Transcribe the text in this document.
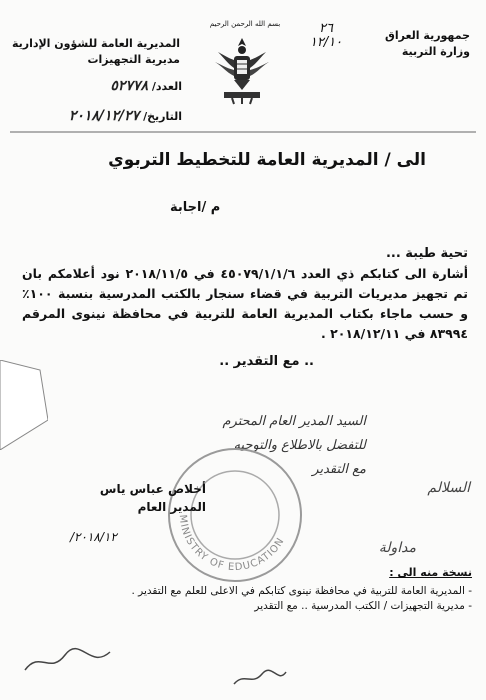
جمهورية العراق
وزارة التربية
بسم الله الرحمن الرحيم	٢٦
١٢/١٠
المديرية العامة للشؤون الإدارية
مديرية التجهيزات
العدد/ ٥٢٧٧٨
التاريخ/ ٢٠١٨/١٢/٢٧
الى / المديرية العامة للتخطيط التربوي
م /اجابة
تحية طيبة ...
أشارة الى كتابكم ذي العدد ٤٥٠٧٩/١/١/٦ في ٢٠١٨/١١/٥ نود أعلامكم بان تم تجهيز مديريات التربية في قضاء سنجار بالكتب المدرسية بنسبة ١٠٠٪ و حسب ماجاء بكتاب المديرية العامة للتربية في محافظة نينوى المرقم ٨٣٩٩٤ في ٢٠١٨/١٢/١١ .
.. مع التقدير ..
السيد المدير العام المحترم
للتفضل بالاطلاع والتوجيه
مع التقدير
MINISTRY OF EDUCATION
أخلاص عباس ياس
المدير العام
٢٠١٨/١٢/
مداولة
السلالم
نسخة منه الى :
- المديرية العامة للتربية في محافظة نينوى كتابكم في الاعلى للعلم مع التقدير .
- مديرية التجهيزات / الكتب المدرسية .. مع التقدير
